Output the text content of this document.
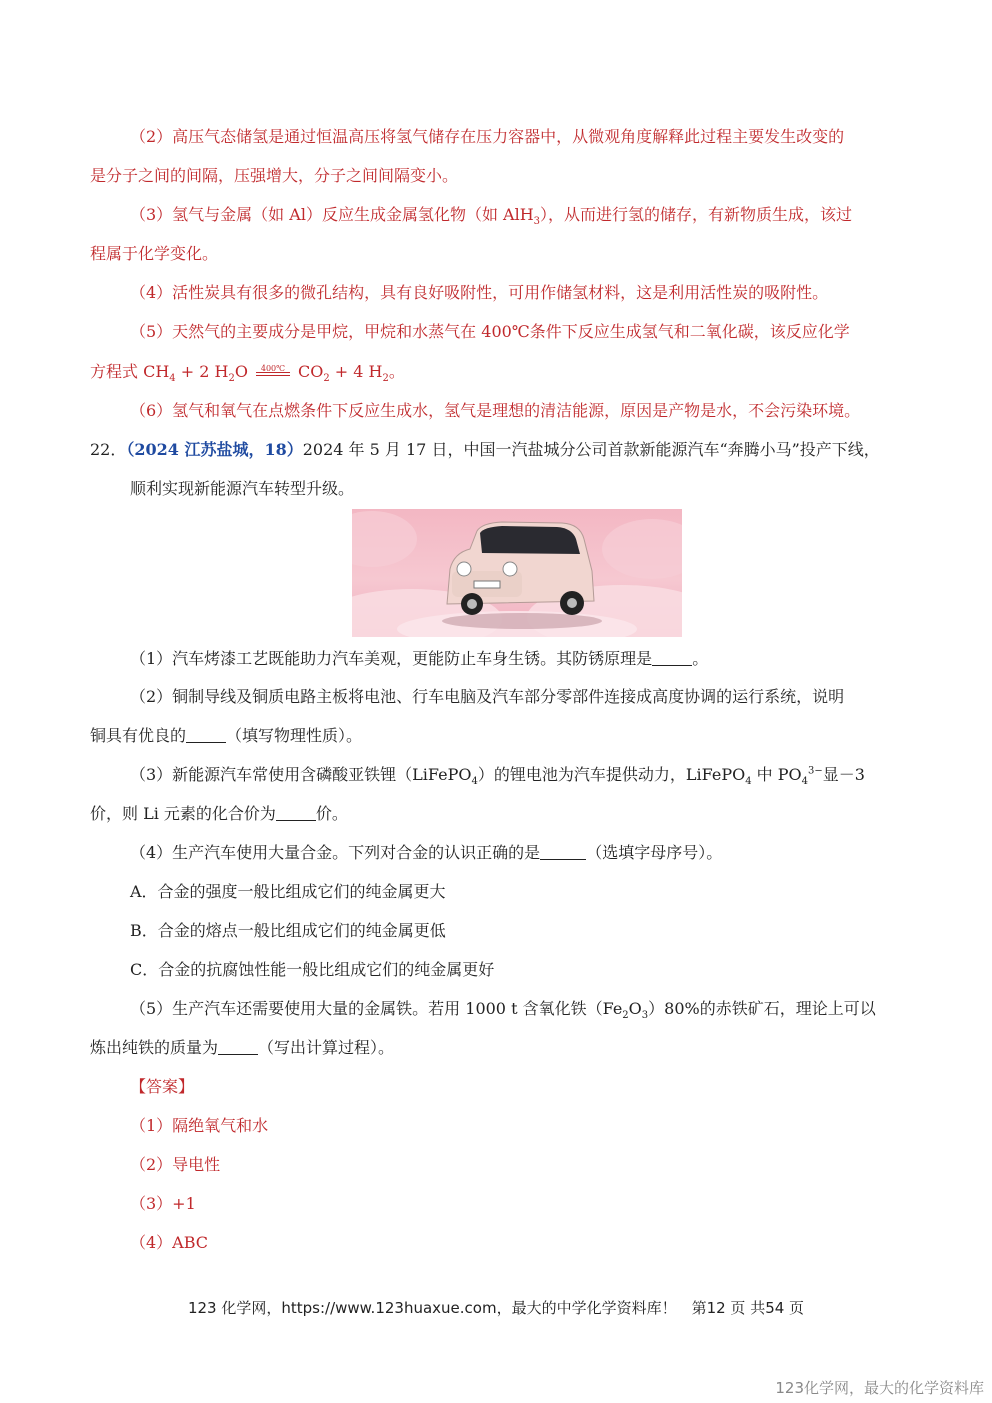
（2）高压气态储氢是通过恒温高压将氢气储存在压力容器中，从微观角度解释此过程主要发生改变的
是分子之间的间隔，压强增大，分子之间间隔变小。
（3）氢气与金属（如 Al）反应生成金属氢化物（如 AlH$_3$），从而进行氢的储存，有新物质生成，该过
程属于化学变化。
（4）活性炭具有很多的微孔结构，具有良好吸附性，可用作储氢材料，这是利用活性炭的吸附性。
（5）天然气的主要成分是甲烷，甲烷和水蒸气在 400℃条件下反应生成氢气和二氧化碳，该反应化学
方程式 $CH_4 + 2$ $H_2O$	400℃ $CO_2 + 4$ $H_2$。
（6）氢气和氧气在点燃条件下反应生成水，氢气是理想的清洁能源，原因是产物是水，不会污染环境。
22．（2024 江苏盐城，18）2024 年 5 月 17 日，中国一汽盐城分公司首款新能源汽车“奔腾小马”投产下线，
顺利实现新能源汽车转型升级。
（1）汽车烤漆工艺既能助力汽车美观，更能防止车身生锈。其防锈原理是	。
（2）铜制导线及铜质电路主板将电池、行车电脑及汽车部分零部件连接成高度协调的运行系统，说明
铜具有优良的	（填写物理性质）。
（3）新能源汽车常使用含磷酸亚铁锂（LiFePO$_4$）的锂电池为汽车提供动力，LiFePO$_4$ 中 $PO_4^{3-}$显－3
价，则 Li 元素的化合价为	价。
（4）生产汽车使用大量合金。下列对合金的认识正确的是	（选填字母序号）。
A．合金的强度一般比组成它们的纯金属更大
B．合金的熔点一般比组成它们的纯金属更低
C．合金的抗腐蚀性能一般比组成它们的纯金属更好
（5）生产汽车还需要使用大量的金属铁。若用 1000 t 含氧化铁$(Fe_2O_3)80\%$的赤铁矿石，理论上可以
炼出纯铁的质量为	（写出计算过程）。
【答案】
（1）隔绝氧气和水
（2）导电性
（3）+1
（4）ABC
123 化学网，https://www.123huaxue.com，最大的中学化学资料库！　第12 页 共54 页
123化学网，最大的化学资料库
